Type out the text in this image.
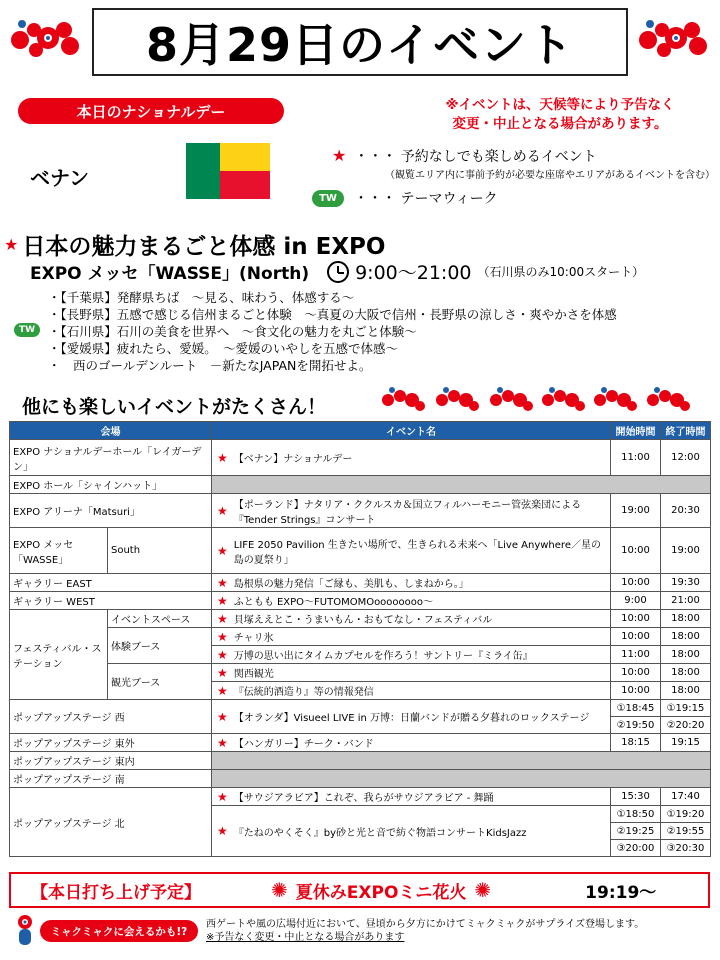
8月29日のイベント
本日のナショナルデー	※イベントは、天候等により予告なく
変更・中止となる場合があります。
ベナン
★ ・・・ 予約なしでも楽しめるイベント
（観覧エリア内に事前予約が必要な座席やエリアがあるイベントを含む）
TW	・・・ テーマウィーク
★ 日本の魅力まるごと体感 in EXPO
EXPO メッセ「WASSE」(North) 9:00〜21:00 （石川県のみ10:00スタート）
・ 【千葉県】発酵県ちば　～見る、味わう、体感する～
・ 【長野県】五感で感じる信州まるごと体験　～真夏の大阪で信州・長野県の涼しさ・爽やかさを体感
・ 【石川県】石川の美食を世界へ　～食文化の魅力を丸ごと体験～
・ 【愛媛県】疲れたら、愛媛。　～愛媛のいやしを五感で体感～
・ 　西のゴールデンルート　－新たなJAPANを開拓せよ。
TW
他にも楽しいイベントがたくさん！
会場		イベント名	開始時間	終了時間
EXPO ナショナルデーホール「レイガーデン」		★ 【ベナン】ナショナルデー	11:00	12:00
EXPO ホール「シャインハット」				
EXPO アリーナ「Matsuri」		★ 【ポーランド】ナタリア・ククルスカ＆国立フィルハーモニー管弦楽団による『Tender Strings』コンサート	19:00	20:30
EXPO メッセ「WASSE」	South	★ LIFE 2050 Pavilion 生きたい場所で、生きられる未来へ「Live Anywhere／星の島の夏祭り」	10:00	19:00
ギャラリー EAST		★ 島根県の魅力発信「ご縁も、美肌も、しまねから。」	10:00	19:30
ギャラリー WEST		★ ふともも EXPO～FUTOMOMOoooooooo～	9:00	21:00
フェスティバル・ステーション	イベントスペース	★ 貝塚ええとこ・うまいもん・おもてなし・フェスティバル	10:00	18:00
	体験ブース	★ チャリ氷	10:00	18:00

		★ 万博の思い出にタイムカプセルを作ろう！サントリー『ミライ缶』	11:00	18:00
	観光ブース	★ 関西観光	10:00	18:00

		★ 『伝統的酒造り』等の情報発信	10:00	18:00
ポップアップステージ 西		★ 【オランダ】Visueel LIVE in 万博：日蘭バンドが贈る夕暮れのロックステージ	①18:45	①19:15
			②19:50	②20:20
ポップアップステージ 東外		★ 【ハンガリー】チーク・バンド	18:15	19:15
ポップアップステージ 東内				
ポップアップステージ 南				
ポップアップステージ 北		★ 【サウジアラビア】これぞ、我らがサウジアラビア - 舞踊	15:30	17:40

		★ 『たねのやくそく』by砂と光と音で紡ぐ物語コンサートKidsJazz	①18:50	①19:20
			②19:25	②19:55
			③20:00	③20:30
【本日打ち上げ予定】	✺ 夏休みEXPOミニ花火 ✺	19:19〜
ミャクミャクに会えるかも!?
西ゲートや風の広場付近において、昼頃から夕方にかけてミャクミャクがサプライズ登場します。
※予告なく変更・中止となる場合があります
